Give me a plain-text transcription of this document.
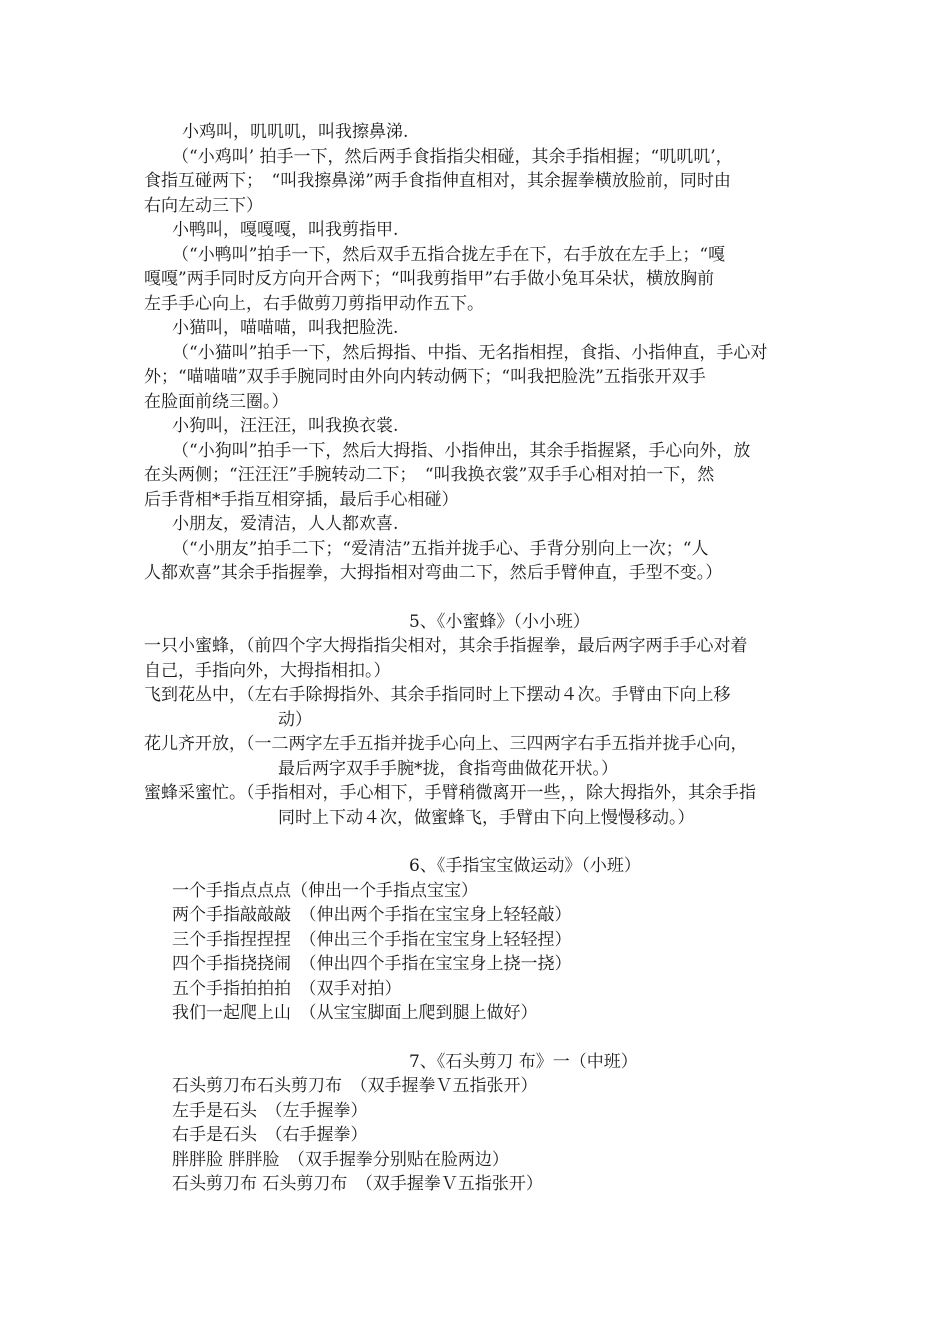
小鸡叫，叽叽叽，叫我擦鼻涕.
（“小鸡叫’ 拍手一下，然后两手食指指尖相碰，其余手指相握；“叽叽叽’，
食指互碰两下；　“叫我擦鼻涕”两手食指伸直相对，其余握拳横放脸前，同时由
右向左动三下）
小鸭叫，嘎嘎嘎，叫我剪指甲.
（“小鸭叫”拍手一下，然后双手五指合拢左手在下，右手放在左手上；“嘎
嘎嘎”两手同时反方向开合两下；“叫我剪指甲”右手做小兔耳朵状，横放胸前
左手手心向上，右手做剪刀剪指甲动作五下。
小猫叫，喵喵喵，叫我把脸洗.
（“小猫叫”拍手一下，然后拇指、中指、无名指相捏，食指、小指伸直，手心对
外；“喵喵喵”双手手腕同时由外向内转动俩下；“叫我把脸洗”五指张开双手
在脸面前绕三圈。）
小狗叫，汪汪汪，叫我换衣裳.
（“小狗叫”拍手一下，然后大拇指、小指伸出，其余手指握紧，手心向外，放
在头两侧；“汪汪汪”手腕转动二下；　“叫我换衣裳”双手手心相对拍一下，然
后手背相*手指互相穿插，最后手心相碰）
小朋友，爱清洁，人人都欢喜.
（“小朋友”拍手二下；“爱清洁”五指并拢手心、手背分别向上一次；“人
人都欢喜”其余手指握拳，大拇指相对弯曲二下，然后手臂伸直，手型不变。）
5、《小蜜蜂》（小小班）
一只小蜜蜂，（前四个字大拇指指尖相对，其余手指握拳，最后两字两手手心对着
自己，手指向外，大拇指相扣。）
飞到花丛中，（左右手除拇指外、其余手指同时上下摆动４次。手臂由下向上移
动）
花儿齐开放，（一二两字左手五指并拢手心向上、三四两字右手五指并拢手心向，
最后两字双手手腕*拢，食指弯曲做花开状。）
蜜蜂采蜜忙。（手指相对，手心相下，手臂稍微离开一些，，除大拇指外，其余手指
同时上下动４次，做蜜蜂飞，手臂由下向上慢慢移动。）
6、《手指宝宝做运动》（小班）
一个手指点点点（伸出一个手指点宝宝）
两个手指敲敲敲　（伸出两个手指在宝宝身上轻轻敲）
三个手指捏捏捏　（伸出三个手指在宝宝身上轻轻捏）
四个手指挠挠闹　（伸出四个手指在宝宝身上挠一挠）
五个手指拍拍拍　（双手对拍）
我们一起爬上山　（从宝宝脚面上爬到腿上做好）
7、《石头剪刀 布》一（中班）
石头剪刀布石头剪刀布　（双手握拳Ｖ五指张开）
左手是石头　（左手握拳）
右手是石头　（右手握拳）
胖胖脸 胖胖脸　（双手握拳分别贴在脸两边）
石头剪刀布 石头剪刀布　（双手握拳Ｖ五指张开）
